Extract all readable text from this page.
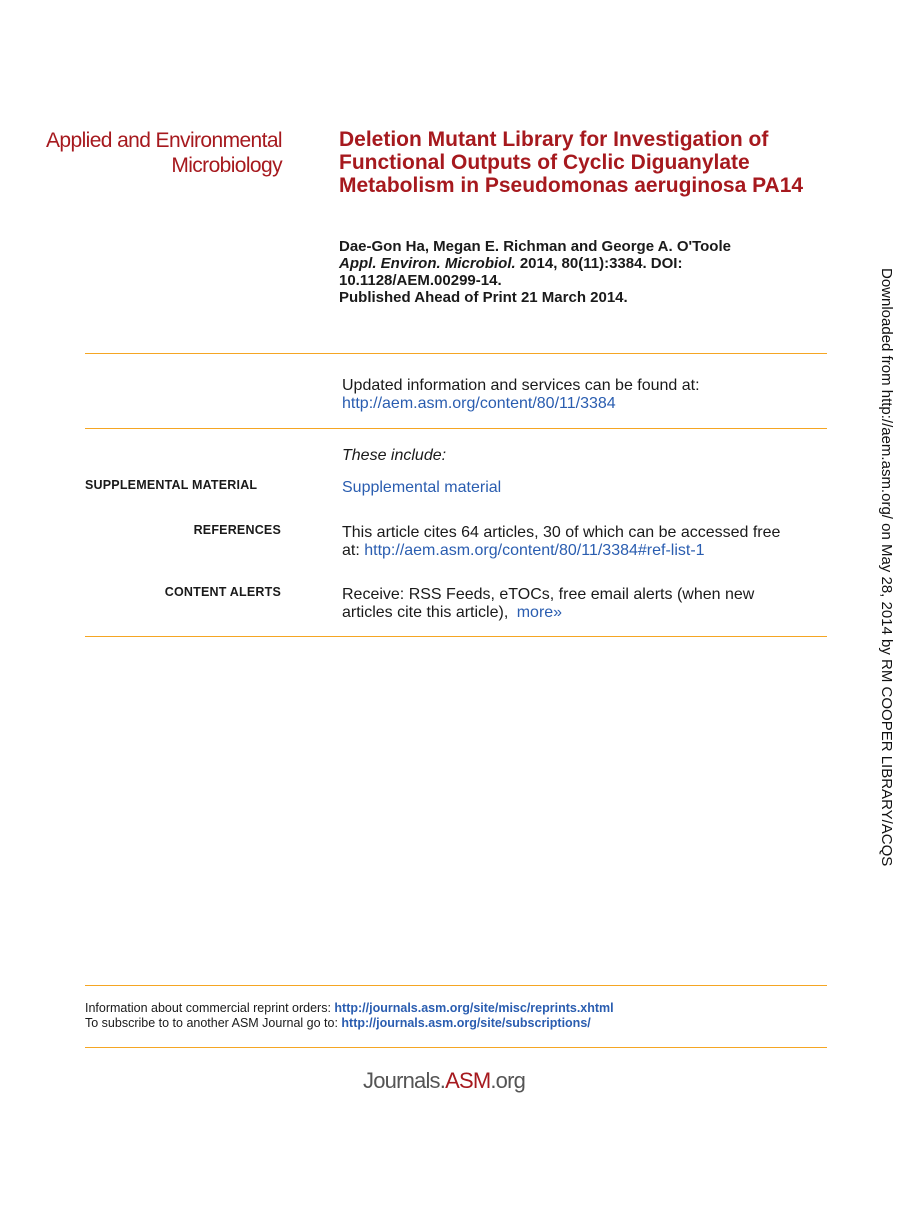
Applied and Environmental
Microbiology
Deletion Mutant Library for Investigation of Functional Outputs of Cyclic Diguanylate Metabolism in Pseudomonas aeruginosa PA14
Dae-Gon Ha, Megan E. Richman and George A. O'Toole
Appl. Environ. Microbiol. 2014, 80(11):3384. DOI:
10.1128/AEM.00299-14.
Published Ahead of Print 21 March 2014.
Updated information and services can be found at:
http://aem.asm.org/content/80/11/3384
These include:
SUPPLEMENTAL MATERIAL	Supplemental material
REFERENCES	This article cites 64 articles, 30 of which can be accessed free
at: http://aem.asm.org/content/80/11/3384#ref-list-1
CONTENT ALERTS	Receive: RSS Feeds, eTOCs, free email alerts (when new
articles cite this article), more»
Information about commercial reprint orders: http://journals.asm.org/site/misc/reprints.xhtml
To subscribe to to another ASM Journal go to: http://journals.asm.org/site/subscriptions/
Journals.ASM.org
Downloaded from http://aem.asm.org/ on May 28, 2014 by RM COOPER LIBRARY/ACQS
